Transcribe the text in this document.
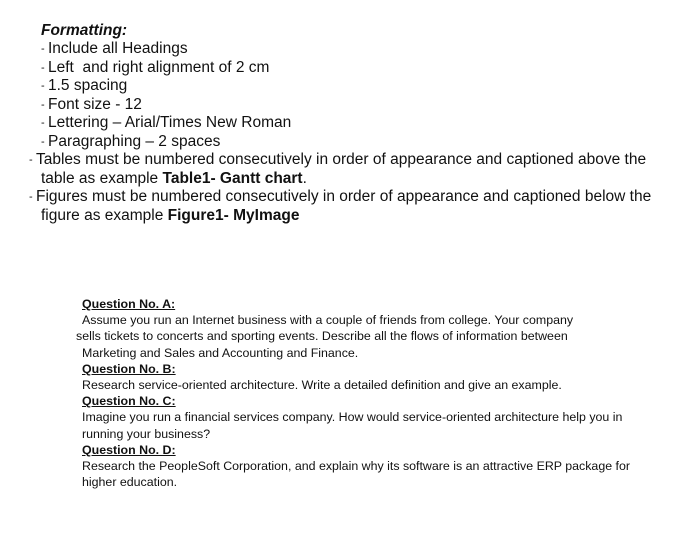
Formatting:
- Include all Headings
- Left  and right alignment of 2 cm
- 1.5 spacing
- Font size - 12
- Lettering – Arial/Times New Roman
- Paragraphing – 2 spaces
- Tables must be numbered consecutively in order of appearance and captioned above the table as example Table1- Gantt chart.
- Figures must be numbered consecutively in order of appearance and captioned below the figure as example Figure1- MyImage

Question No. A:

Assume you run an Internet business with a couple of friends from college. Your company
sells tickets to concerts and sporting events. Describe all the flows of information between
Marketing and Sales and Accounting and Finance.

Question No. B:

Research service-oriented architecture. Write a detailed definition and give an example.

Question No. C:

Imagine you run a financial services company. How would service-oriented architecture help you in running your business?

Question No. D:

Research the PeopleSoft Corporation, and explain why its software is an attractive ERP package for higher education.
